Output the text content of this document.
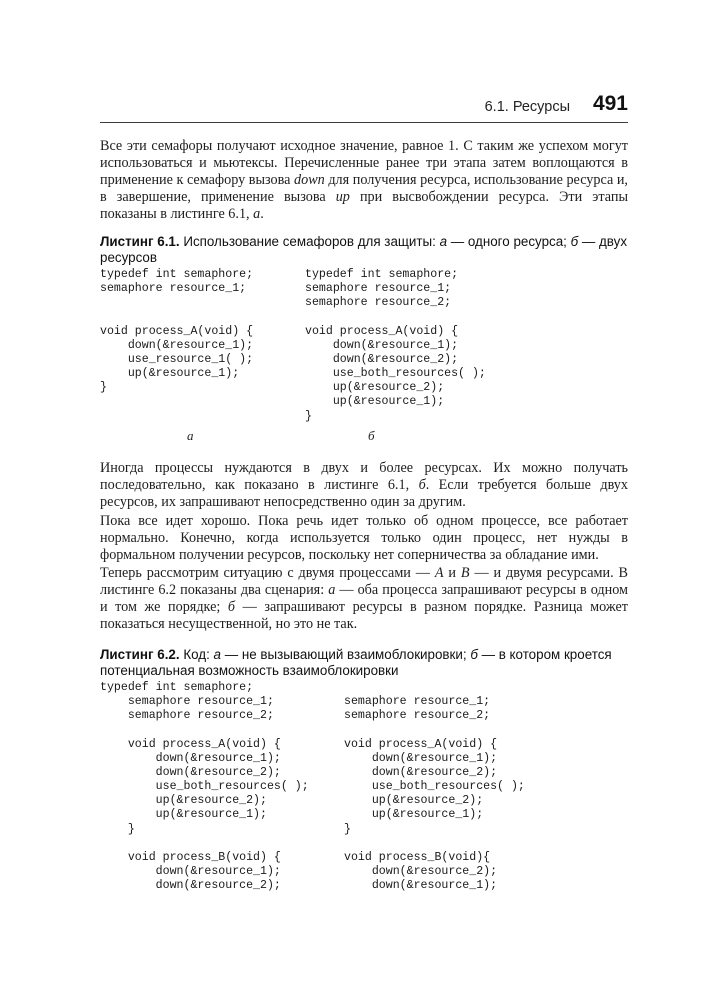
6.1. Ресурсы 491

Все эти семафоры получают исходное значение, равное 1. С таким же успехом могут использоваться и мьютексы. Перечисленные ранее три этапа затем воплощаются в применение к семафору вызова down для получения ресурса, использование ресурса и, в завершение, применение вызова up при высвобождении ресурса. Эти этапы показаны в листинге 6.1, а.

Листинг 6.1. Использование семафоров для защиты: а — одного ресурса; б — двух ресурсов

typedef int semaphore;
semaphore resource_1;

void process_A(void) {
down(&resource_1);
use_resource_1( );
up(&resource_1);
}
typedef int semaphore;
semaphore resource_1;
semaphore resource_2;

void process_A(void) {
down(&resource_1);
down(&resource_2);
use_both_resources( );
up(&resource_2);
up(&resource_1);
}
а	б

Иногда процессы нуждаются в двух и более ресурсах. Их можно получать последовательно, как показано в листинге 6.1, б. Если требуется больше двух ресурсов, их запрашивают непосредственно один за другим.

Пока все идет хорошо. Пока речь идет только об одном процессе, все работает нормально. Конечно, когда используется только один процесс, нет нужды в формальном получении ресурсов, поскольку нет соперничества за обладание ими.

Теперь рассмотрим ситуацию с двумя процессами — A и B — и двумя ресурсами. В листинге 6.2 показаны два сценария: а — оба процесса запрашивают ресурсы в одном и том же порядке; б — запрашивают ресурсы в разном порядке. Разница может показаться несущественной, но это не так.

Листинг 6.2. Код: а — не вызывающий взаимоблокировки; б — в котором кроется потенциальная возможность взаимоблокировки

typedef int semaphore;
semaphore resource_1;
semaphore resource_2;

void process_A(void) {
down(&resource_1);
down(&resource_2);
use_both_resources( );
up(&resource_2);
up(&resource_1);
}

void process_B(void) {
down(&resource_1);
down(&resource_2);

semaphore resource_1;
semaphore resource_2;

void process_A(void) {
down(&resource_1);
down(&resource_2);
use_both_resources( );
up(&resource_2);
up(&resource_1);
}

void process_B(void){
down(&resource_2);
down(&resource_1);
